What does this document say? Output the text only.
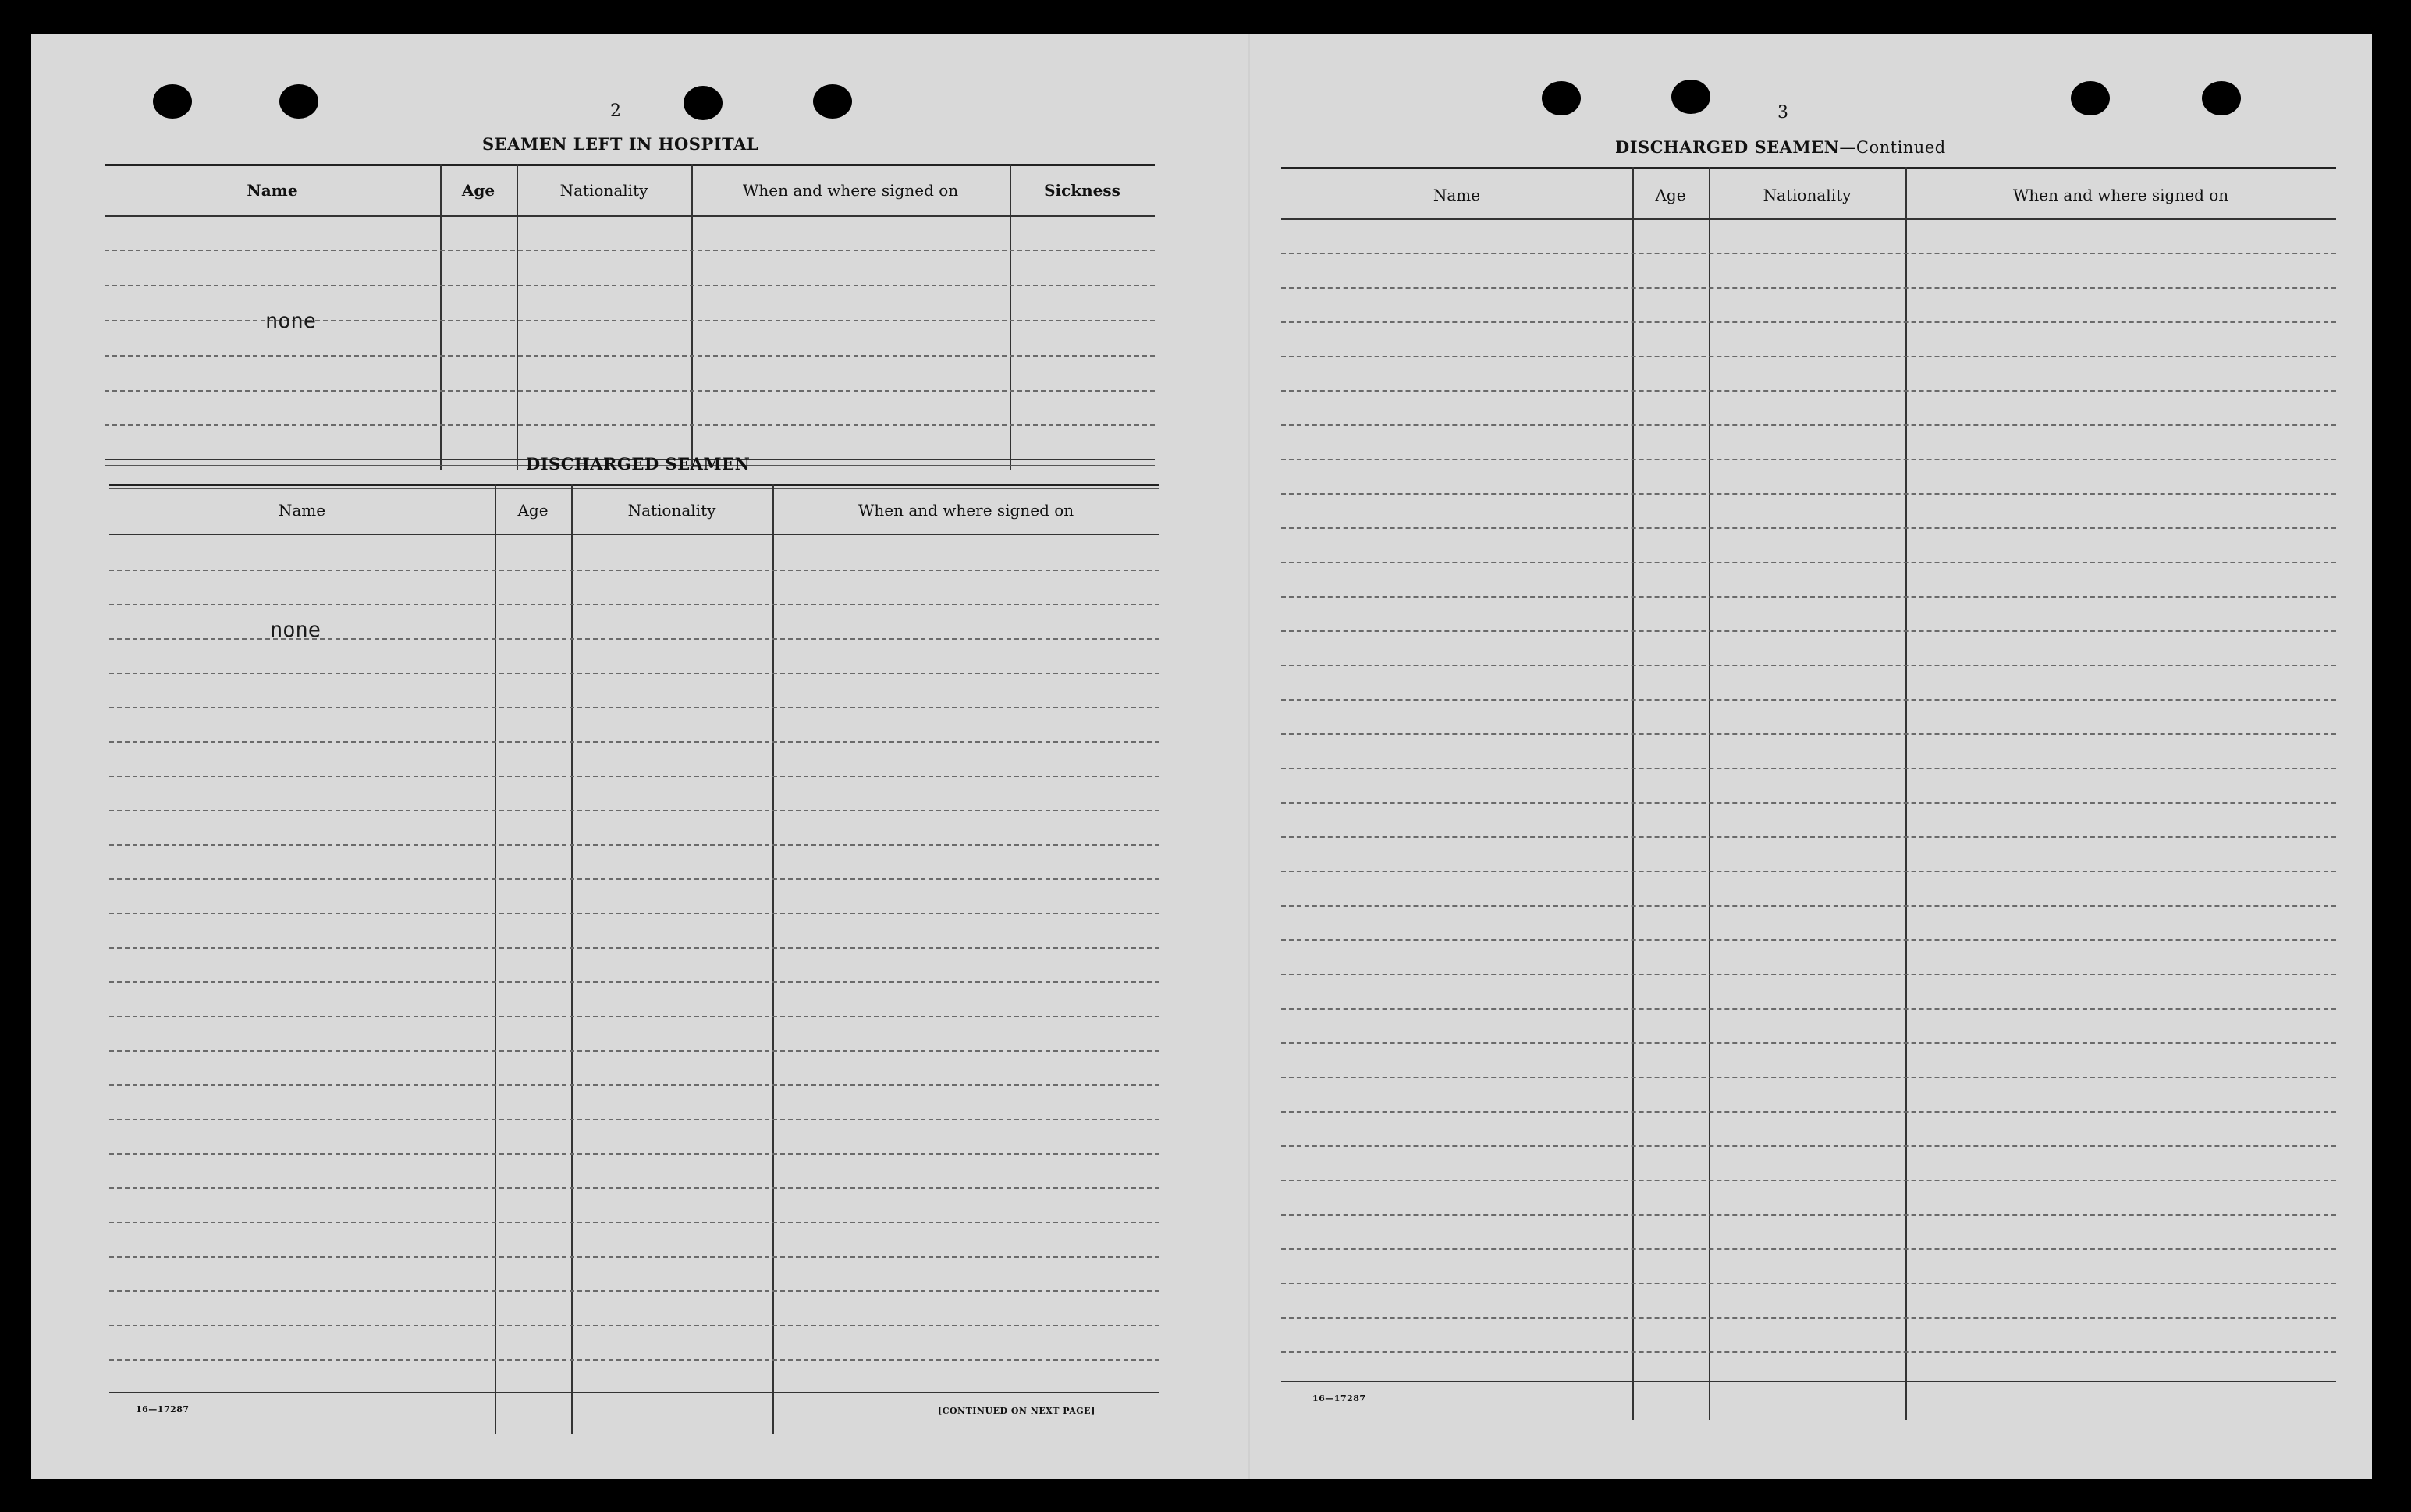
2
SEAMEN LEFT IN HOSPITAL
Name	Age	Nationality	When and where signed on	Sickness
none
DISCHARGED SEAMEN
Name	Age	Nationality	When and where signed on
none
16—17287	[CONTINUED ON NEXT PAGE]
3
DISCHARGED SEAMEN—Continued
Name	Age	Nationality	When and where signed on
16—17287
